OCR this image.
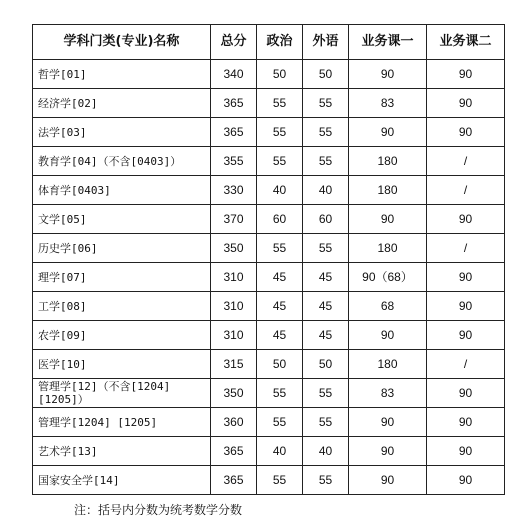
学科门类(专业)名称	总分	政治	外语	业务课一	业务课二
哲学[01]	340	50	50	90	90
经济学[02]	365	55	55	83	90
法学[03]	365	55	55	90	90
教育学[04]（不含[0403]）	355	55	55	180	/
体育学[0403]	330	40	40	180	/
文学[05]	370	60	60	90	90
历史学[06]	350	55	55	180	/
理学[07]	310	45	45	90（68）	90
工学[08]	310	45	45	68	90
农学[09]	310	45	45	90	90
医学[10]	315	50	50	180	/
管理学[12]（不含[1204][1205]）	350	55	55	83	90
管理学[1204] [1205]	360	55	55	90	90
艺术学[13]	365	40	40	90	90
国家安全学[14]	365	55	55	90	90
注：括号内分数为统考数学分数
